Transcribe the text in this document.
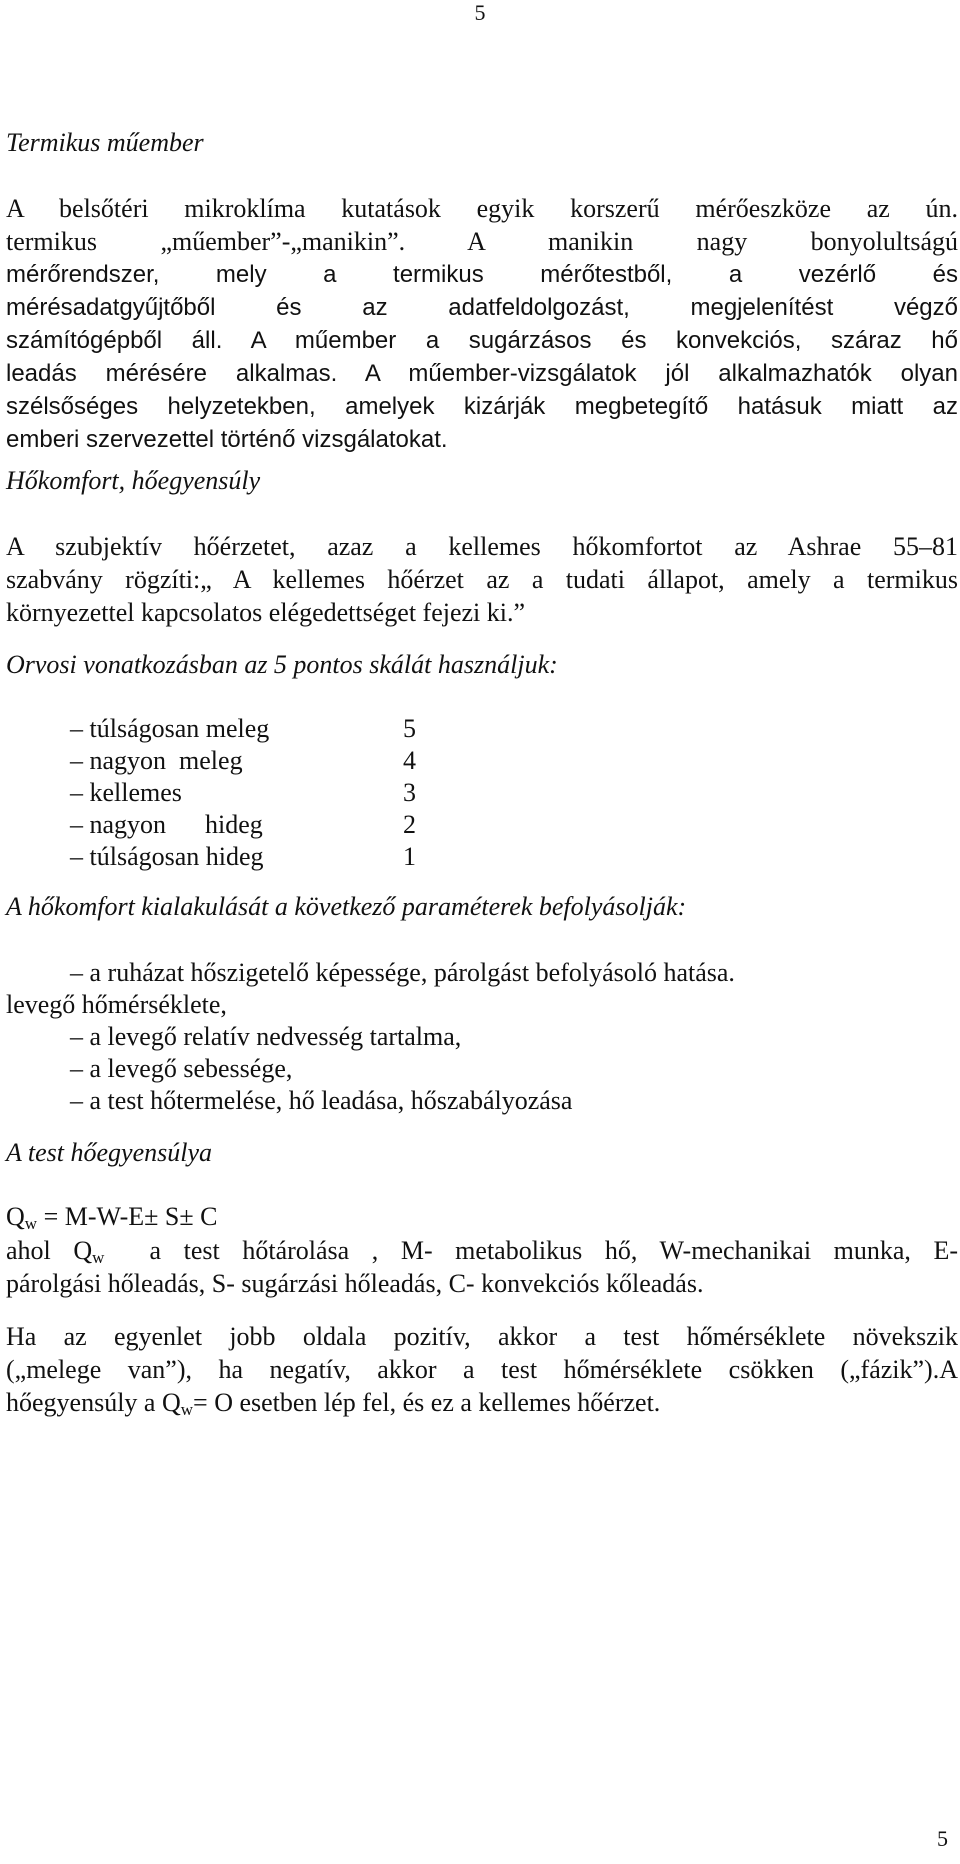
5
Termikus műember
A belsőtéri mikroklíma kutatások egyik korszerű mérőeszköze az ún.
termikus „műember”-„manikin”. A manikin nagy bonyolultságú
mérőrendszer, mely a termikus mérőtestből, a vezérlő és
mérésadatgyűjtőből és az adatfeldolgozást, megjelenítést végző
számítógépből áll. A műember a sugárzásos és konvekciós, száraz hő
leadás mérésére alkalmas. A műember-vizsgálatok jól alkalmazhatók olyan
szélsőséges helyzetekben, amelyek kizárják megbetegítő hatásuk miatt az
emberi szervezettel történő vizsgálatokat.
Hőkomfort, hőegyensúly
A szubjektív hőérzetet, azaz a kellemes hőkomfortot az Ashrae 55–81
szabvány rögzíti:„ A kellemes hőérzet az a tudati állapot, amely a termikus
környezettel kapcsolatos elégedettséget fejezi ki.”
Orvosi vonatkozásban az 5 pontos skálát használjuk:
– túlságosan meleg	5
– nagyon  meleg	4
– kellemes	3
– nagyon      hideg	2
– túlságosan hideg	1
A hőkomfort kialakulását a következő paraméterek befolyásolják:
– a ruházat hőszigetelő képessége, párolgást befolyásoló hatása.
levegő hőmérséklete,
– a levegő relatív nedvesség tartalma,
– a levegő sebessége,
– a test hőtermelése, hő leadása, hőszabályozása
A test hőegyensúlya
$Q_w = M-W-E\pm S\pm C$
ahol $Q_w$  a test hőtárolása , M- metabolikus hő, W-mechanikai munka, E-
párolgási hőleadás, S- sugárzási hőleadás, C- konvekciós kőleadás.
Ha az egyenlet jobb oldala pozitív, akkor a test hőmérséklete növekszik
(„melege van”), ha negatív, akkor a test hőmérséklete csökken („fázik”).A
hőegyensúly a $Q_w= O$ esetben lép fel, és ez a kellemes hőérzet.
5
